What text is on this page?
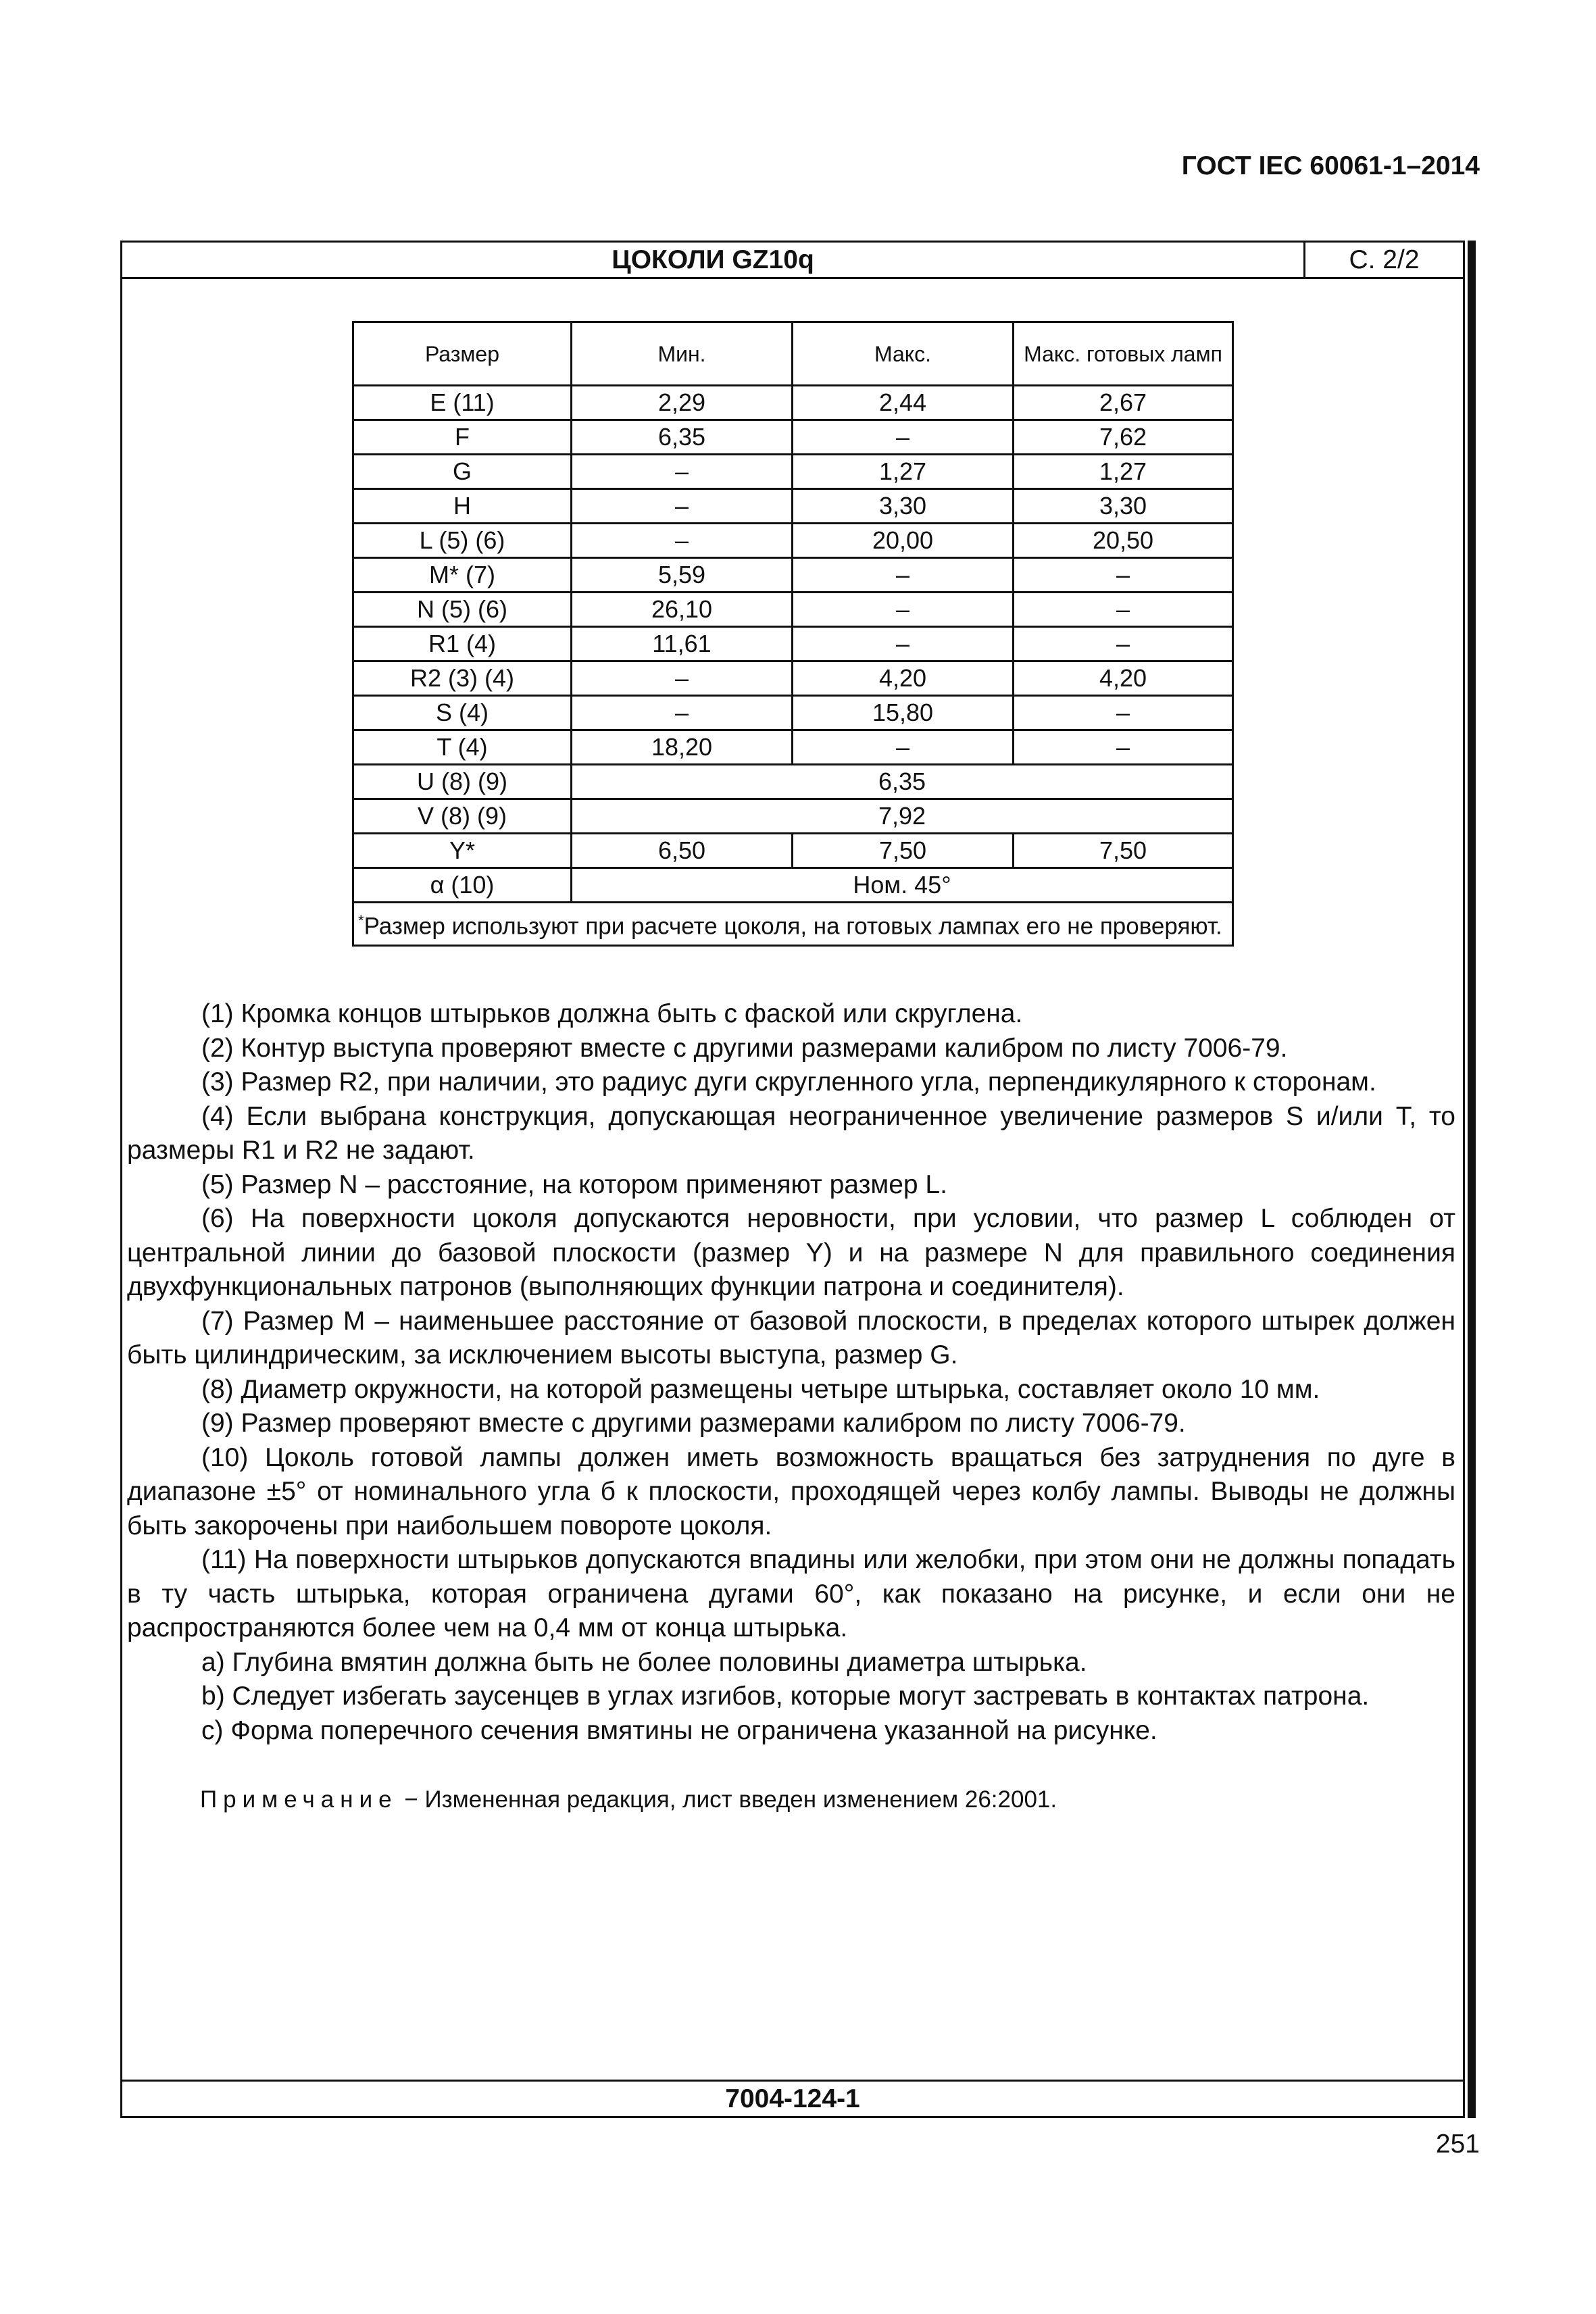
ГОСТ IEC 60061-1–2014
ЦОКОЛИ GZ10q	С. 2/2
7004-124-1
Размер	Мин.	Макс.	Макс. готовых ламп
E (11)	2,29	2,44	2,67
F	6,35	–	7,62
G	–	1,27	1,27
H	–	3,30	3,30
L (5) (6)	–	20,00	20,50
M* (7)	5,59	–	–
N (5) (6)	26,10	–	–
R1 (4)	11,61	–	–
R2 (3) (4)	–	4,20	4,20
S (4)	–	15,80	–
T (4)	18,20	–	–
U (8) (9)	6,35		
V (8) (9)	7,92		
Y*	6,50	7,50	7,50
α (10)	Ном. 45°		
*Размер используют при расчете цоколя, на готовых лампах его не проверяют.			

(1) Кромка концов штырьков должна быть с фаской или скруглена.

(2) Контур выступа проверяют вместе с другими размерами калибром по листу 7006-79.

(3) Размер R2, при наличии, это радиус дуги скругленного угла, перпендикулярного к сторонам.

(4) Если выбрана конструкция, допускающая неограниченное увеличение размеров S и/или T, то размеры R1 и R2 не задают.

(5) Размер N – расстояние, на котором применяют размер L.

(6) На поверхности цоколя допускаются неровности, при условии, что размер L соблюден от центральной линии до базовой плоскости (размер Y) и на размере N для правильного соединения двухфункциональных патронов (выполняющих функции патрона и соединителя).

(7) Размер M – наименьшее расстояние от базовой плоскости, в пределах которого штырек должен быть цилиндрическим, за исключением высоты выступа, размер G.

(8) Диаметр окружности, на которой размещены четыре штырька, составляет около 10 мм.

(9) Размер проверяют вместе с другими размерами калибром по листу 7006-79.

(10) Цоколь готовой лампы должен иметь возможность вращаться без затруднения по дуге в диапазоне ±5° от номинального угла б к плоскости, проходящей через колбу лампы. Выводы не должны быть закорочены при наибольшем повороте цоколя.

(11) На поверхности штырьков допускаются впадины или желобки, при этом они не должны попадать в ту часть штырька, которая ограничена дугами 60°, как показано на рисунке, и если они не распространяются более чем на 0,4 мм от конца штырька.

a) Глубина вмятин должна быть не более половины диаметра штырька.

b) Следует избегать заусенцев в углах изгибов, которые могут застревать в контактах патрона.

c) Форма поперечного сечения вмятины не ограничена указанной на рисунке.

Примечание − Измененная редакция, лист введен изменением 26:2001.
251
